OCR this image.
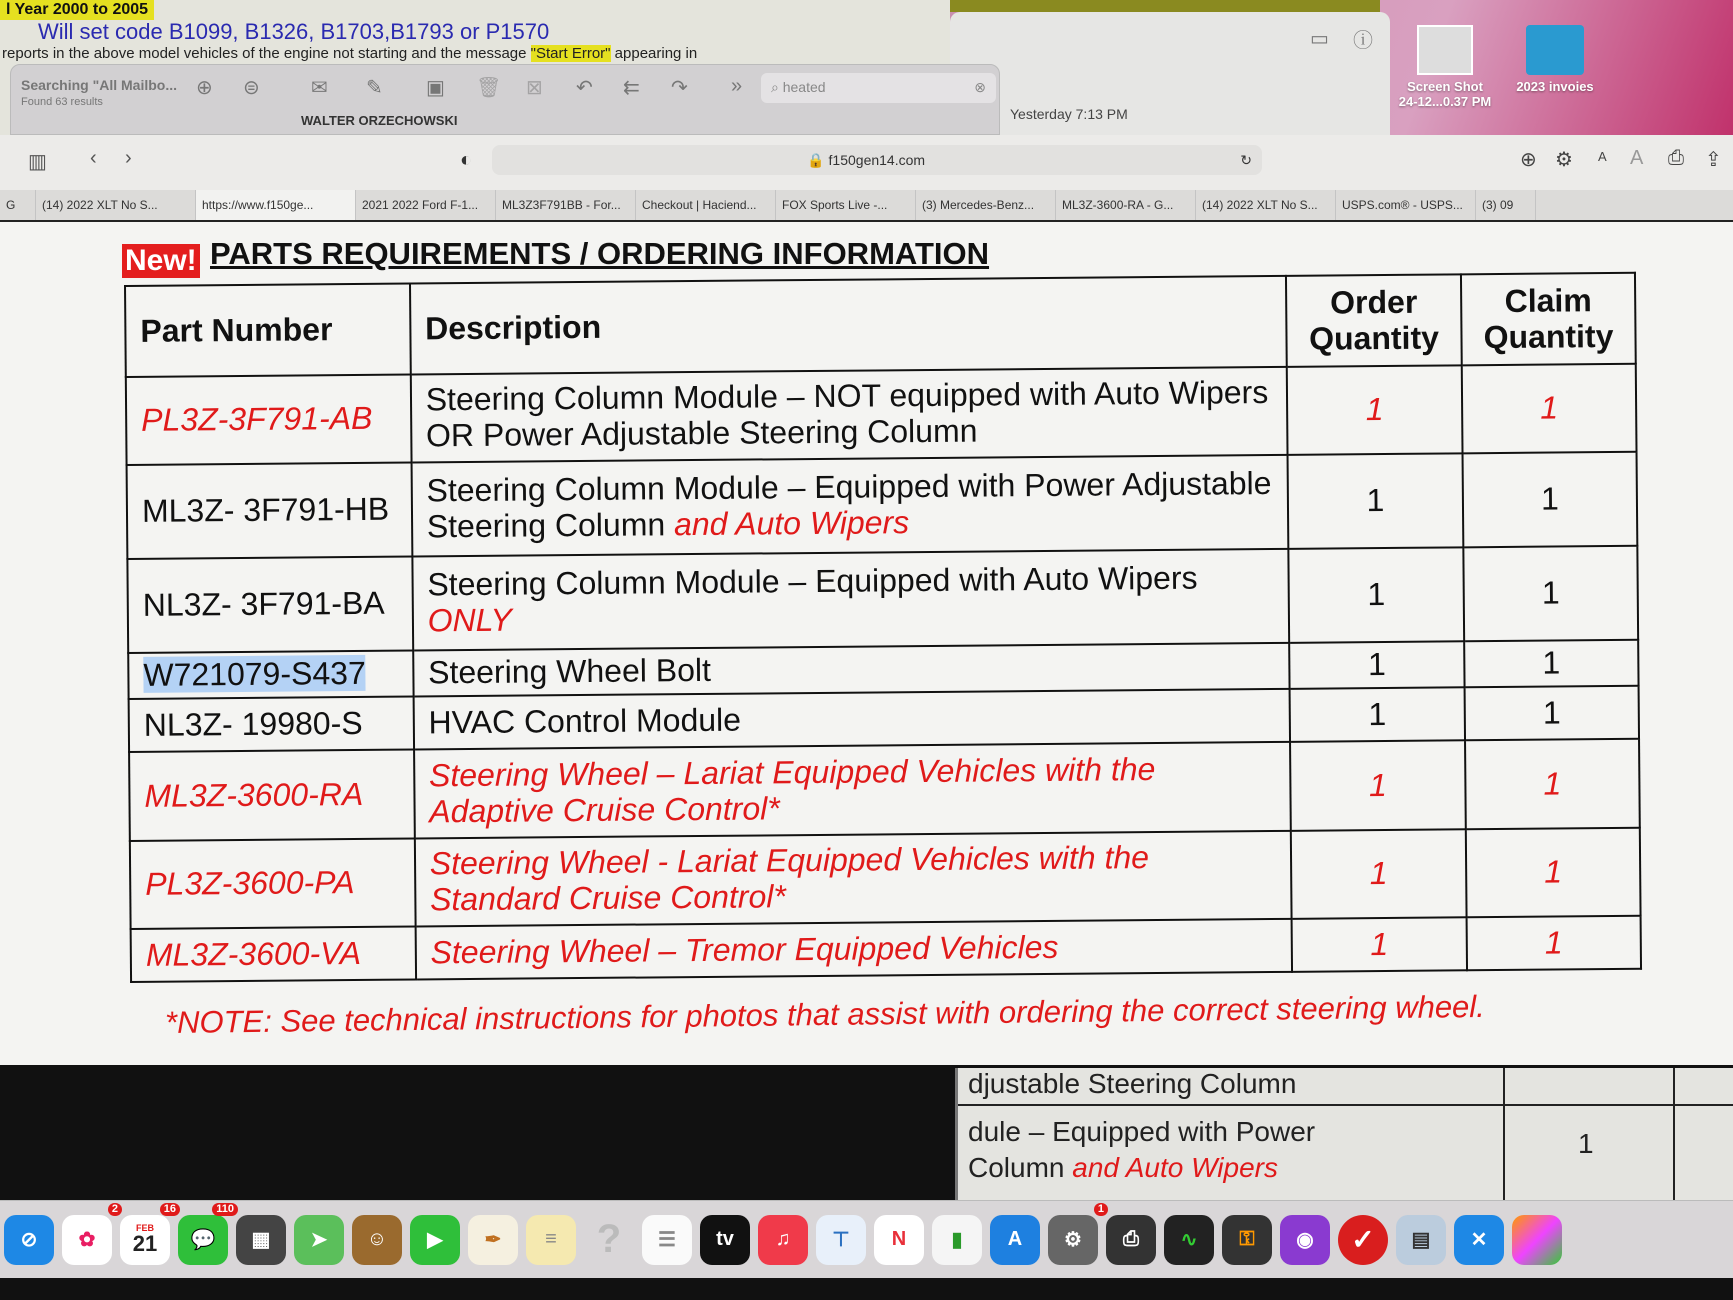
l Year 2000 to 2005
Will set code B1099, B1326, B1703,B1793 or P1570
reports in the above model vehicles of the engine not starting and the message "Start Error" appearing in
Screen Shot
24-12...0.37 PM
2023 invoies
▭ ⓘ
Yesterday 7:13 PM
Searching "All Mailbo...
Found 63 results
⊕ ⊜	✉ ✎ ▣ 🗑 ⊠ ↶ ⇇ ↷ »	⌕ heated	⊗
WALTER ORZECHOWSKI
▥ ‹ ›	◐	🔒 f150gen14.com	↻	⊕ ⚙ A A ⎙ ⇪
G	(14) 2022 XLT No S...	https://www.f150ge...	2021 2022 Ford F-1...	ML3Z3F791BB - For...	Checkout | Haciend...	FOX Sports Live -...	(3) Mercedes-Benz...	ML3Z-3600-RA - G...	(14) 2022 XLT No S...	USPS.com® - USPS...	(3) 09
New! PARTS REQUIREMENTS / ORDERING INFORMATION
Part Number	Description	Order Quantity	Claim Quantity
PL3Z-3F791-AB	Steering Column Module – NOT equipped with Auto Wipers OR Power Adjustable Steering Column	1	1
ML3Z- 3F791-HB	Steering Column Module – Equipped with Power Adjustable Steering Column and Auto Wipers	1	1
NL3Z- 3F791-BA	Steering Column Module – Equipped with Auto Wipers ONLY	1	1
W721079-S437	Steering Wheel Bolt	1	1
NL3Z- 19980-S	HVAC Control Module	1	1
ML3Z-3600-RA	Steering Wheel – Lariat Equipped Vehicles with the Adaptive Cruise Control*	1	1
PL3Z-3600-PA	Steering Wheel - Lariat Equipped Vehicles with the Standard Cruise Control*	1	1
ML3Z-3600-VA	Steering Wheel – Tremor Equipped Vehicles	1	1
*NOTE: See technical instructions for photos that assist with ordering the correct steering wheel.
djustable Steering Column
dule – Equipped with Power
Column and Auto Wipers
1
⊘	✿
2
FEB
21
16
💬
110
▦	➤	☺	▶	✒	≡ ?	☰	tv	♫	⊤	N	▮	A	⚙
1
⎙	∿	⚿	◉	✓	▤	✕
